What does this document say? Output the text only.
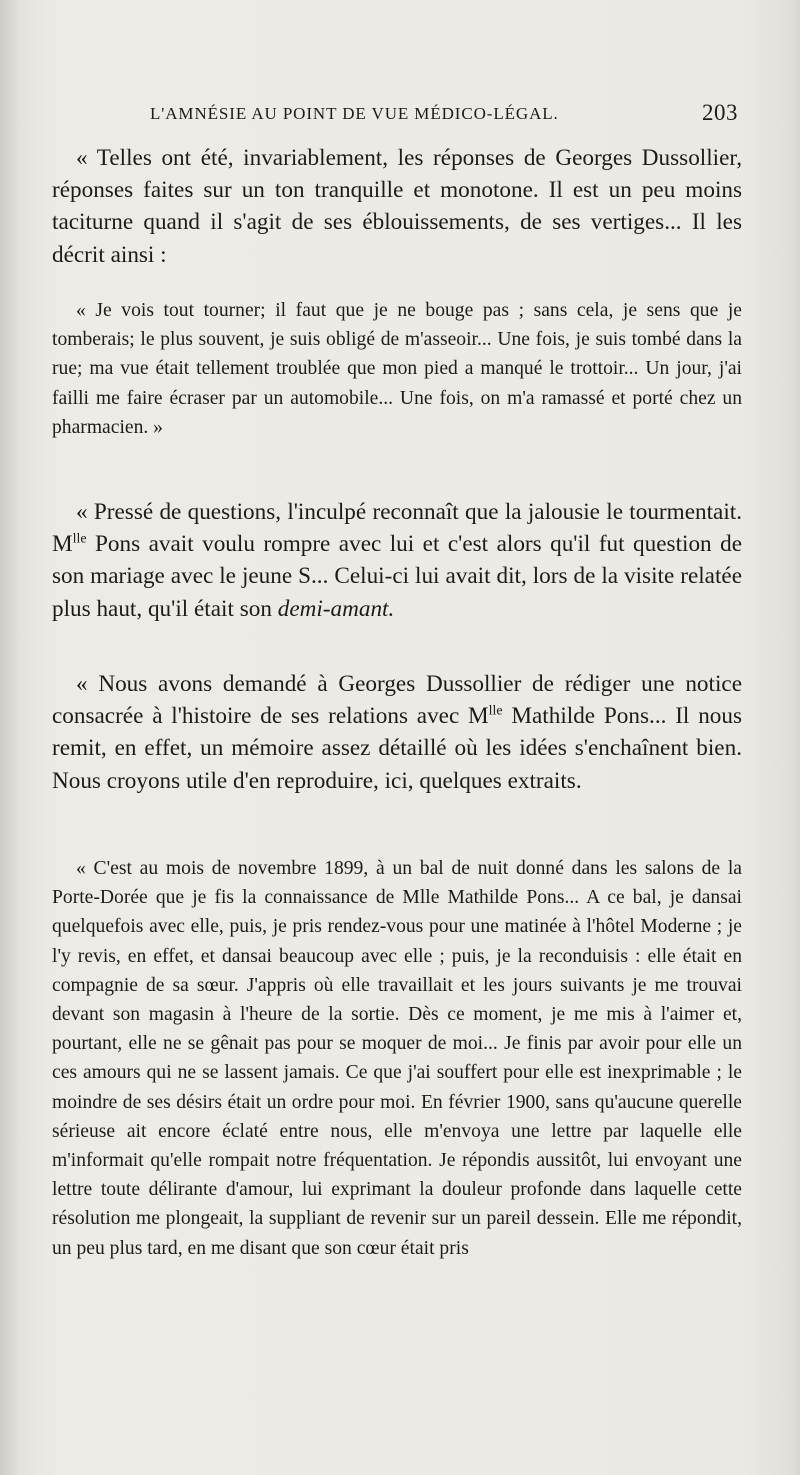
L'AMNÉSIE AU POINT DE VUE MÉDICO-LÉGAL.	203

« Telles ont été, invariablement, les réponses de Georges Dussollier, réponses faites sur un ton tranquille et monotone. Il est un peu moins taciturne quand il s'agit de ses éblouissements, de ses vertiges... Il les décrit ainsi :

« Je vois tout tourner; il faut que je ne bouge pas ; sans cela, je sens que je tomberais; le plus souvent, je suis obligé de m'asseoir... Une fois, je suis tombé dans la rue; ma vue était tellement troublée que mon pied a manqué le trottoir... Un jour, j'ai failli me faire écraser par un automobile... Une fois, on m'a ramassé et porté chez un pharmacien. »

« Pressé de questions, l'inculpé reconnaît que la jalousie le tourmentait. $M^{lle}$ Pons avait voulu rompre avec lui et c'est alors qu'il fut question de son mariage avec le jeune S... Celui-ci lui avait dit, lors de la visite relatée plus haut, qu'il était son demi-amant.

« Nous avons demandé à Georges Dussollier de rédiger une notice consacrée à l'histoire de ses relations avec $M^{lle}$ Mathilde Pons... Il nous remit, en effet, un mémoire assez détaillé où les idées s'enchaînent bien. Nous croyons utile d'en reproduire, ici, quelques extraits.

« C'est au mois de novembre 1899, à un bal de nuit donné dans les salons de la Porte-Dorée que je fis la connaissance de Mlle Mathilde Pons... A ce bal, je dansai quelquefois avec elle, puis, je pris rendez-vous pour une matinée à l'hôtel Moderne ; je l'y revis, en effet, et dansai beaucoup avec elle ; puis, je la reconduisis : elle était en compagnie de sa sœur. J'appris où elle travaillait et les jours suivants je me trouvai devant son magasin à l'heure de la sortie. Dès ce moment, je me mis à l'aimer et, pourtant, elle ne se gênait pas pour se moquer de moi... Je finis par avoir pour elle un ces amours qui ne se lassent jamais. Ce que j'ai souffert pour elle est inexprimable ; le moindre de ses désirs était un ordre pour moi. En février 1900, sans qu'aucune querelle sérieuse ait encore éclaté entre nous, elle m'envoya une lettre par laquelle elle m'informait qu'elle rompait notre fréquentation. Je répondis aussitôt, lui envoyant une lettre toute délirante d'amour, lui exprimant la douleur profonde dans laquelle cette résolution me plongeait, la suppliant de revenir sur un pareil dessein. Elle me répondit, un peu plus tard, en me disant que son cœur était pris
